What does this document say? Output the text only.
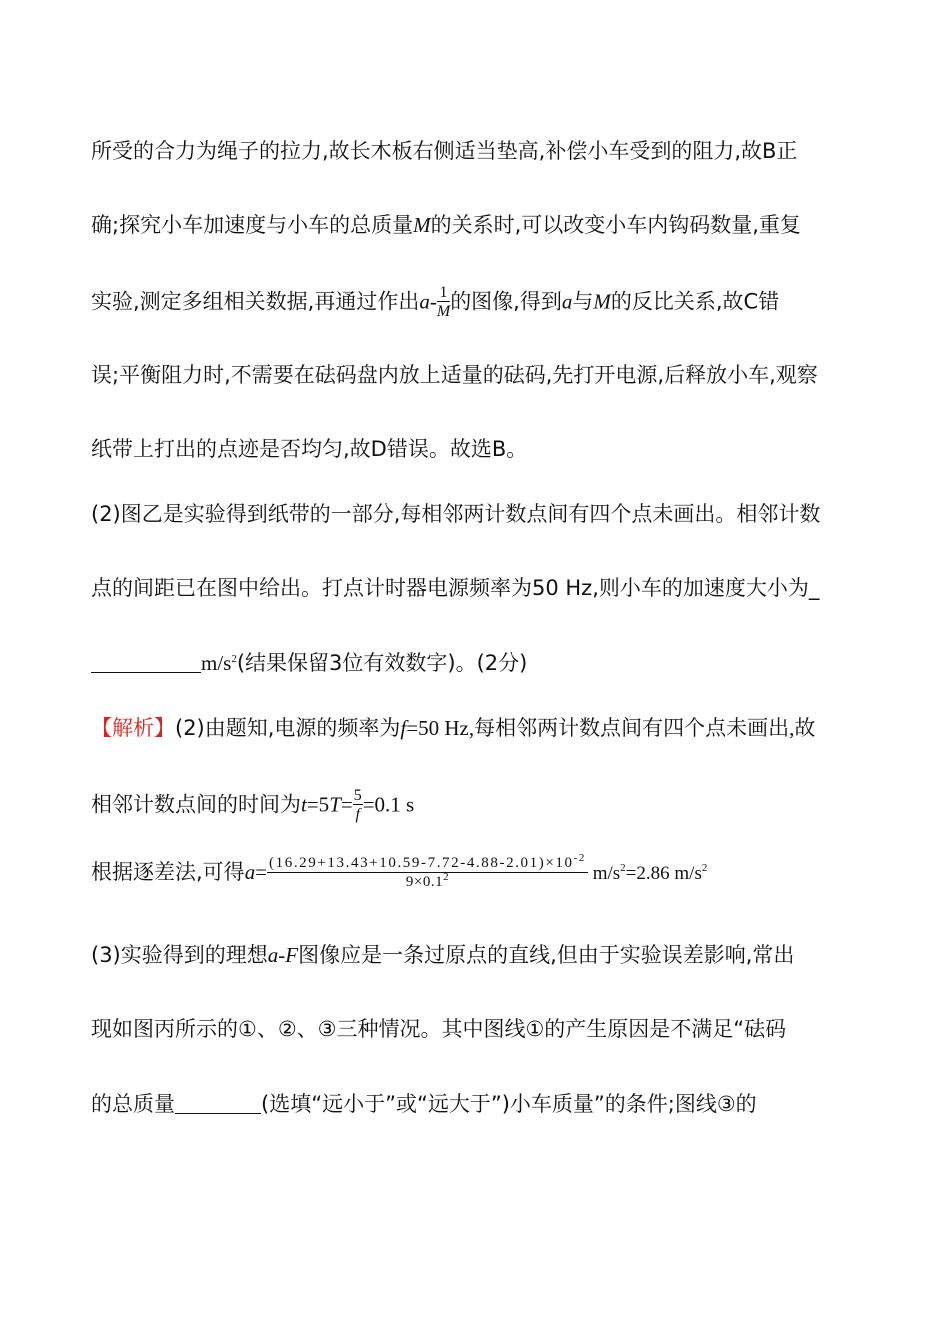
所受的合力为绳子的拉力,故长木板右侧适当垫高,补偿小车受到的阻力,故B正
确;探究小车加速度与小车的总质量M的关系时,可以改变小车内钩码数量,重复
实验,测定多组相关数据,再通过作出$a- \frac{1}{M}$ 的图像,得到a与M的反比关系,故C错
误;平衡阻力时,不需要在砝码盘内放上适量的砝码,先打开电源,后释放小车,观察
纸带上打出的点迹是否均匀,故D错误。故选B。
(2)图乙是实验得到纸带的一部分,每相邻两计数点间有四个点未画出。相邻计数
点的间距已在图中给出。打点计时器电源频率为50 Hz,则小车的加速度大小为_
$m/s^2$(结果保留3位有效数字)。(2分)
【解析】(2)由题知,电源的频率为f=50 Hz,每相邻两计数点间有四个点未画出,故
相邻计数点间的时间为$t=5T= \frac{5}{f} =0.1$ s
根据逐差法,可得$a= \frac{(16.29+13.43+10.59-7.72-4.88-2.01)\times 10^{-2}}{9\times 0.1^2} m/s^2=2.86$ $m/s^2$
(3)实验得到的理想a-F图像应是一条过原点的直线,但由于实验误差影响,常出
现如图丙所示的①、②、③三种情况。其中图线①的产生原因是不满足“砝码
的总质量	(选填“远小于”或“远大于”)小车质量”的条件;图线③的
